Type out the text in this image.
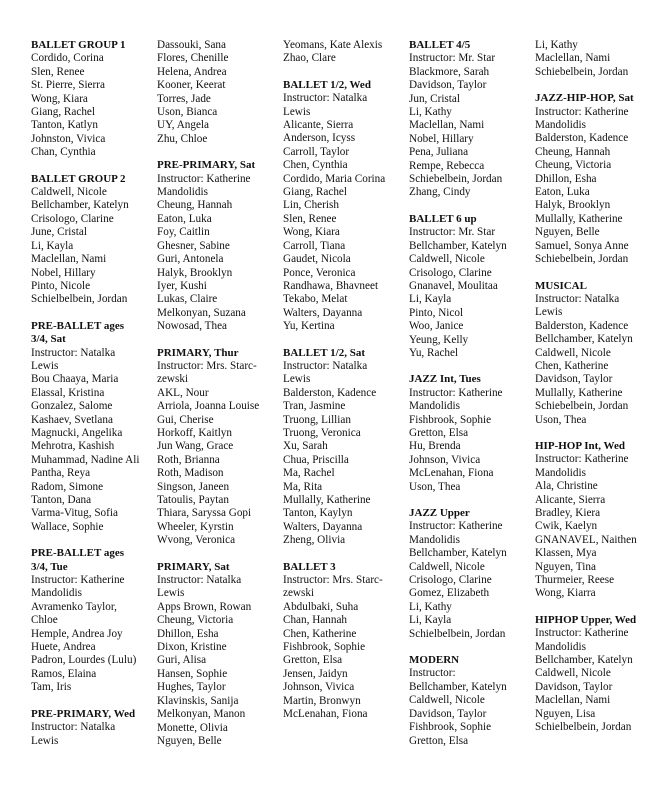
BALLET GROUP 1
Cordido, Corina
Slen, Renee
St. Pierre, Sierra
Wong, Kiara
Giang, Rachel
Tanton, Katlyn
Johnston, Vivica
Chan, Cynthia
BALLET GROUP 2
Caldwell, Nicole
Bellchamber, Katelyn
Crisologo, Clarine
June, Cristal
Li, Kayla
Maclellan, Nami
Nobel, Hillary
Pinto, Nicole
Schielbelbein, Jordan
PRE-BALLET ages
3/4, Sat
Instructor: Natalka
Lewis
Bou Chaaya, Maria
Elassal, Kristina
Gonzalez, Salome
Kashaev, Svetlana
Magnucki, Angelika
Mehrotra, Kashish
Muhammad, Nadine Ali
Pantha, Reya
Radom, Simone
Tanton, Dana
Varma-Vitug, Sofia
Wallace, Sophie
PRE-BALLET ages
3/4, Tue
Instructor: Katherine
Mandolidis
Avramenko Taylor,
Chloe
Hemple, Andrea Joy
Huete, Andrea
Padron, Lourdes (Lulu)
Ramos, Elaina
Tam, Iris
PRE-PRIMARY, Wed
Instructor: Natalka
Lewis
Dassouki, Sana
Flores, Chenille
Helena, Andrea
Kooner, Keerat
Torres, Jade
Uson, Bianca
UY, Angela
Zhu, Chloe
PRE-PRIMARY, Sat
Instructor: Katherine
Mandolidis
Cheung, Hannah
Eaton, Luka
Foy, Caitlin
Ghesner, Sabine
Guri, Antonela
Halyk, Brooklyn
Iyer, Kushi
Lukas, Claire
Melkonyan, Suzana
Nowosad, Thea
PRIMARY, Thur
Instructor: Mrs. Starc-
zewski
AKL, Nour
Arriola, Joanna Louise
Gui, Cherise
Horkoff, Kaitlyn
Jun Wang, Grace
Roth, Brianna
Roth, Madison
Singson, Janeen
Tatoulis, Paytan
Thiara, Saryssa Gopi
Wheeler, Kyrstin
Wvong, Veronica
PRIMARY, Sat
Instructor: Natalka
Lewis
Apps Brown, Rowan
Cheung, Victoria
Dhillon, Esha
Dixon, Kristine
Guri, Alisa
Hansen, Sophie
Hughes, Taylor
Klavinskis, Sanija
Melkonyan, Manon
Monette, Olivia
Nguyen, Belle
Yeomans, Kate Alexis
Zhao, Clare
BALLET 1/2, Wed
Instructor: Natalka
Lewis
Alicante, Sierra
Anderson, Icyss
Carroll, Taylor
Chen, Cynthia
Cordido, Maria Corina
Giang, Rachel
Lin, Cherish
Slen, Renee
Wong, Kiara
Carroll, Tiana
Gaudet, Nicola
Ponce, Veronica
Randhawa, Bhavneet
Tekabo, Melat
Walters, Dayanna
Yu, Kertina
BALLET 1/2, Sat
Instructor: Natalka
Lewis
Balderston, Kadence
Tran, Jasmine
Truong, Lillian
Truong, Veronica
Xu, Sarah
Chua, Priscilla
Ma, Rachel
Ma, Rita
Mullally, Katherine
Tanton, Kaylyn
Walters, Dayanna
Zheng, Olivia
BALLET 3
Instructor: Mrs. Starc-
zewski
Abdulbaki, Suha
Chan, Hannah
Chen, Katherine
Fishbrook, Sophie
Gretton, Elsa
Jensen, Jaidyn
Johnson, Vivica
Martin, Bronwyn
McLenahan, Fiona
BALLET 4/5
Instructor: Mr. Star
Blackmore, Sarah
Davidson, Taylor
Jun, Cristal
Li, Kathy
Maclellan, Nami
Nobel, Hillary
Pena, Juliana
Rempe, Rebecca
Schiebelbein, Jordan
Zhang, Cindy
BALLET 6 up
Instructor: Mr. Star
Bellchamber, Katelyn
Caldwell, Nicole
Crisologo, Clarine
Gnanavel, Moulitaa
Li, Kayla
Pinto, Nicol
Woo, Janice
Yeung, Kelly
Yu, Rachel
JAZZ Int, Tues
Instructor: Katherine
Mandolidis
Fishbrook, Sophie
Gretton, Elsa
Hu, Brenda
Johnson, Vivica
McLenahan, Fiona
Uson, Thea
JAZZ Upper
Instructor: Katherine
Mandolidis
Bellchamber, Katelyn
Caldwell, Nicole
Crisologo, Clarine
Gomez, Elizabeth
Li, Kathy
Li, Kayla
Schielbelbein, Jordan
MODERN
Instructor:
Bellchamber, Katelyn
Caldwell, Nicole
Davidson, Taylor
Fishbrook, Sophie
Gretton, Elsa
Li, Kathy
Maclellan, Nami
Schiebelbein, Jordan
JAZZ-HIP-HOP, Sat
Instructor: Katherine
Mandolidis
Balderston, Kadence
Cheung, Hannah
Cheung, Victoria
Dhillon, Esha
Eaton, Luka
Halyk, Brooklyn
Mullally, Katherine
Nguyen, Belle
Samuel, Sonya Anne
Schiebelbein, Jordan
MUSICAL
Instructor: Natalka
Lewis
Balderston, Kadence
Bellchamber, Katelyn
Caldwell, Nicole
Chen, Katherine
Davidson, Taylor
Mullally, Katherine
Schiebelbein, Jordan
Uson, Thea
HIP-HOP Int, Wed
Instructor: Katherine
Mandolidis
Ala, Christine
Alicante, Sierra
Bradley, Kiera
Cwik, Kaelyn
GNANAVEL, Naithen
Klassen, Mya
Nguyen, Tina
Thurmeier, Reese
Wong, Kiarra
HIPHOP Upper, Wed
Instructor: Katherine
Mandolidis
Bellchamber, Katelyn
Caldwell, Nicole
Davidson, Taylor
Maclellan, Nami
Nguyen, Lisa
Schielbelbein, Jordan
